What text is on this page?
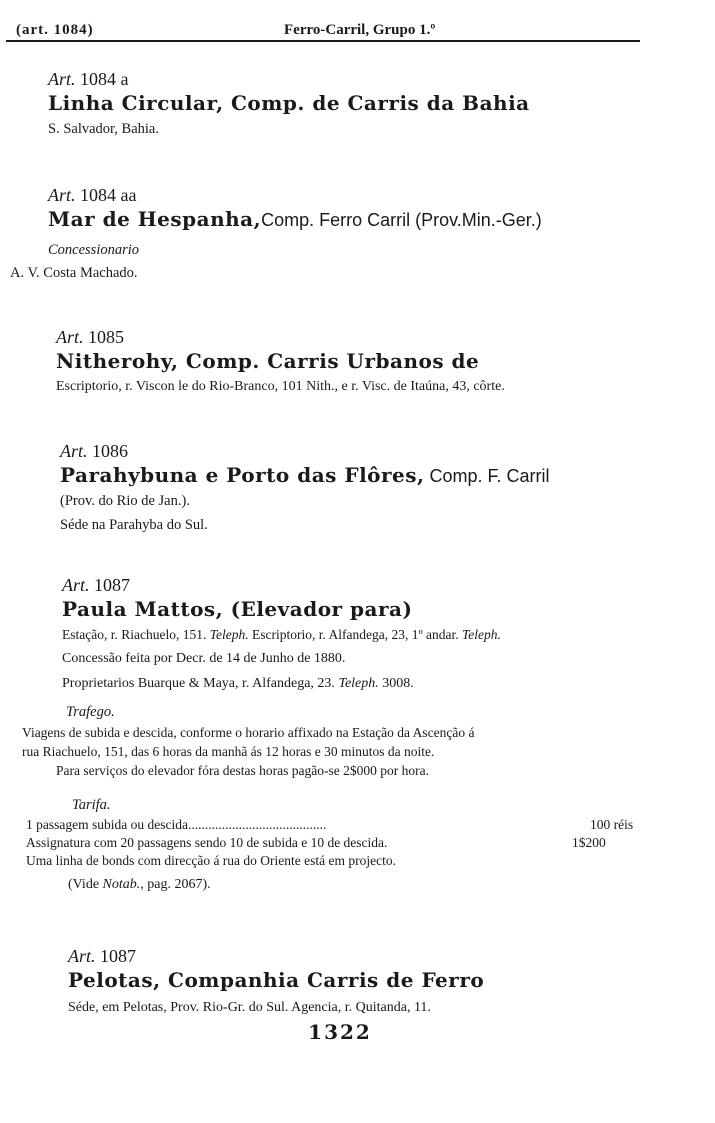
(art. 1084)	Ferro-Carril, Grupo 1.º
Art. 1084 a
Linha Circular, Comp. de Carris da Bahia
S. Salvador, Bahia.
Art. 1084 aa
Mar de Hespanha,Comp. Ferro Carril (Prov.Min.-Ger.)
Concessionario
A. V. Costa Machado.
Art. 1085
Nitherohy, Comp. Carris Urbanos de
Escriptorio, r. Viscon le do Rio-Branco, 101 Nith., e r. Visc. de Itaúna, 43, côrte.
Art. 1086
Parahybuna e Porto das Flôres, Comp. F. Carril
(Prov. do Rio de Jan.).
Séde na Parahyba do Sul.
Art. 1087
Paula Mattos, (Elevador para)
Estação, r. Riachuelo, 151. Teleph. Escriptorio, r. Alfandega, 23, 1º andar. Teleph.
Concessão feita por Decr. de 14 de Junho de 1880.
Proprietarios Buarque & Maya, r. Alfandega, 23. Teleph. 3008.
Trafego.
Viagens de subida e descida, conforme o horario affixado na Estação da Ascenção á
rua Riachuelo, 151, das 6 horas da manhã ás 12 horas e 30 minutos da noite.
Para serviços do elevador fóra destas horas pagão-se 2$000 por hora.
Tarifa.
1 passagem subida ou descida.........................................	100 réis
Assignatura com 20 passagens sendo 10 de subida e 10 de descida.	1$200
Uma linha de bonds com direcção á rua do Oriente está em projecto.
(Vide Notab., pag. 2067).
Art. 1087
Pelotas, Companhia Carris de Ferro
Séde, em Pelotas, Prov. Rio-Gr. do Sul. Agencia, r. Quitanda, 11.
1322
